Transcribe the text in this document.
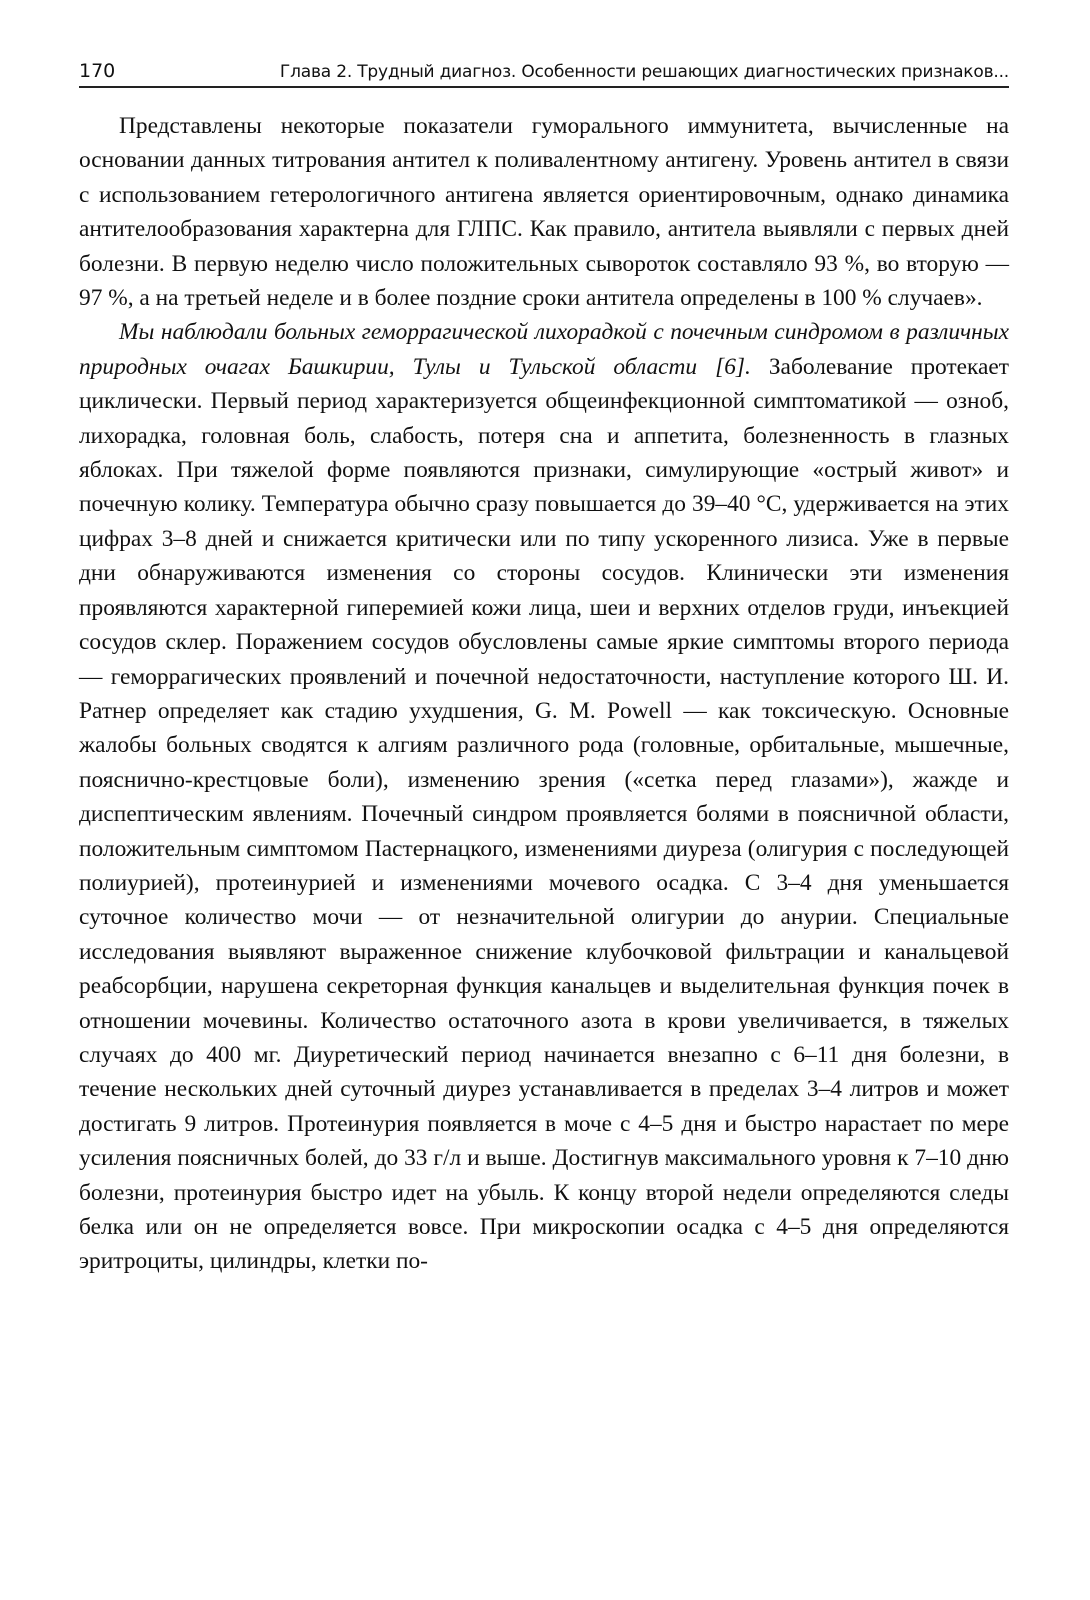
170	Глава 2. Трудный диагноз. Особенности решающих диагностических признаков...

Представлены некоторые показатели гуморального иммунитета, вычисленные на основании данных титрования антител к поливалентному антигену. Уровень антител в связи с использованием гетерологичного антигена является ориентировочным, однако динамика антителообразования характерна для ГЛПС. Как правило, антитела выявляли с первых дней болезни. В первую неделю число положительных сывороток составляло 93 %, во вторую — 97 %, а на третьей неделе и в более поздние сроки антитела определены в 100 % случаев».

Мы наблюдали больных геморрагической лихорадкой с почечным синдромом в различных природных очагах Башкирии, Тулы и Тульской области [6]. Заболевание протекает циклически. Первый период характеризуется общеинфекционной симптоматикой — озноб, лихорадка, головная боль, слабость, потеря сна и аппетита, болезненность в глазных яблоках. При тяжелой форме появляются признаки, симулирующие «острый живот» и почечную колику. Температура обычно сразу повышается до 39–40 °C, удерживается на этих цифрах 3–8 дней и снижается критически или по типу ускоренного лизиса. Уже в первые дни обнаруживаются изменения со стороны сосудов. Клинически эти изменения проявляются характерной гиперемией кожи лица, шеи и верхних отделов груди, инъекцией сосудов склер. Поражением сосудов обусловлены самые яркие симптомы второго периода — геморрагических проявлений и почечной недостаточности, наступление которого Ш. И. Ратнер определяет как стадию ухудшения, G. M. Powell — как токсическую. Основные жалобы больных сводятся к алгиям различного рода (головные, орбитальные, мышечные, пояснично-крестцовые боли), изменению зрения («сетка перед глазами»), жажде и диспептическим явлениям. Почечный синдром проявляется болями в поясничной области, положительным симптомом Пастернацкого, изменениями диуреза (олигурия с последующей полиурией), протеинурией и изменениями мочевого осадка. С 3–4 дня уменьшается суточное количество мочи — от незначительной олигурии до анурии. Специальные исследования выявляют выраженное снижение клубочковой фильтрации и канальцевой реабсорбции, нарушена секреторная функция канальцев и выделительная функция почек в отношении мочевины. Количество остаточного азота в крови увеличивается, в тяжелых случаях до 400 мг. Диуретический период начинается внезапно с 6–11 дня болезни, в течение нескольких дней суточный диурез устанавливается в пределах 3–4 литров и может достигать 9 литров. Протеинурия появляется в моче с 4–5 дня и быстро нарастает по мере усиления поясничных болей, до 33 г/л и выше. Достигнув максимального уровня к 7–10 дню болезни, протеинурия быстро идет на убыль. К концу второй недели определяются следы белка или он не определяется вовсе. При микроскопии осадка с 4–5 дня определяются эритроциты, цилиндры, клетки по-
